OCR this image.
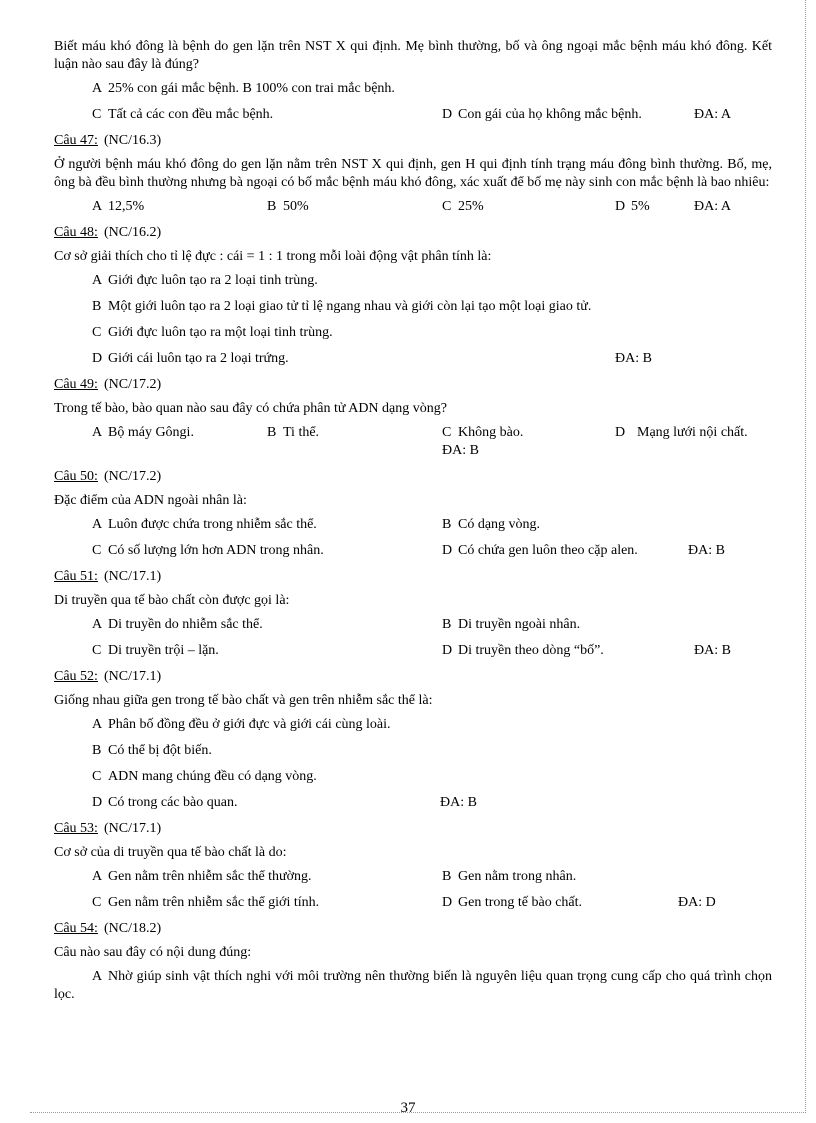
Biết máu khó đông là bệnh do gen lặn trên NST X qui định. Mẹ bình thường, bố và ông ngoại mắc bệnh máu khó đông. Kết luận nào sau đây là đúng?

A 25% con gái mắc bệnh. B 100% con trai mắc bệnh.
C Tất cả các con đều mắc bệnh.	D Con gái của họ không mắc bệnh.	ĐA: A
Câu 47: (NC/16.3)

Ở người bệnh máu khó đông do gen lặn nằm trên NST X qui định, gen H qui định tính trạng máu đông bình thường. Bố, mẹ, ông bà đều bình thường nhưng bà ngoại có bố mắc bệnh máu khó đông, xác xuất để bố mẹ này sinh con mắc bệnh là bao nhiêu:

A 12,5%	B 50%	C 25%	D 5%	ĐA: A
Câu 48: (NC/16.2)

Cơ sở giải thích cho tỉ lệ đực : cái = 1 : 1 trong mỗi loài động vật phân tính là:

A Giới đực luôn tạo ra 2 loại tinh trùng.
B Một giới luôn tạo ra 2 loại giao tử tỉ lệ ngang nhau và giới còn lại tạo một loại giao tử.
C Giới đực luôn tạo ra một loại tinh trùng.
D Giới cái luôn tạo ra 2 loại trứng.	ĐA: B
Câu 49: (NC/17.2)

Trong tế bào, bào quan nào sau đây có chứa phân tử ADN dạng vòng?

A Bộ máy Gôngi.	B Ti thể.	C Không bào.	D Mạng lưới nội chất.
ĐA: B
Câu 50: (NC/17.2)

Đặc điểm của ADN ngoài nhân là:

A Luôn được chứa trong nhiễm sắc thể.	B Có dạng vòng.
C Có số lượng lớn hơn ADN trong nhân.	D Có chứa gen luôn theo cặp alen.	ĐA: B
Câu 51: (NC/17.1)

Di truyền qua tế bào chất còn được gọi là:

A Di truyền do nhiễm sắc thể.	B Di truyền ngoài nhân.
C Di truyền trội – lặn.	D Di truyền theo dòng “bố”.	ĐA: B
Câu 52: (NC/17.1)

Giống nhau giữa gen trong tế bào chất và gen trên nhiễm sắc thể là:

A Phân bố đồng đều ở giới đực và giới cái cùng loài.
B Có thể bị đột biến.
C ADN mang chúng đều có dạng vòng.
D Có trong các bào quan.	ĐA: B
Câu 53: (NC/17.1)

Cơ sở của di truyền qua tế bào chất là do:

A Gen nằm trên nhiễm sắc thể thường.	B Gen nằm trong nhân.
C Gen nằm trên nhiễm sắc thể giới tính.	D Gen trong tế bào chất.	ĐA: D
Câu 54: (NC/18.2)

Câu nào sau đây có nội dung đúng:

A Nhờ giúp sinh vật thích nghi với môi trường nên thường biến là nguyên liệu quan trọng cung cấp cho quá trình chọn lọc.

37
